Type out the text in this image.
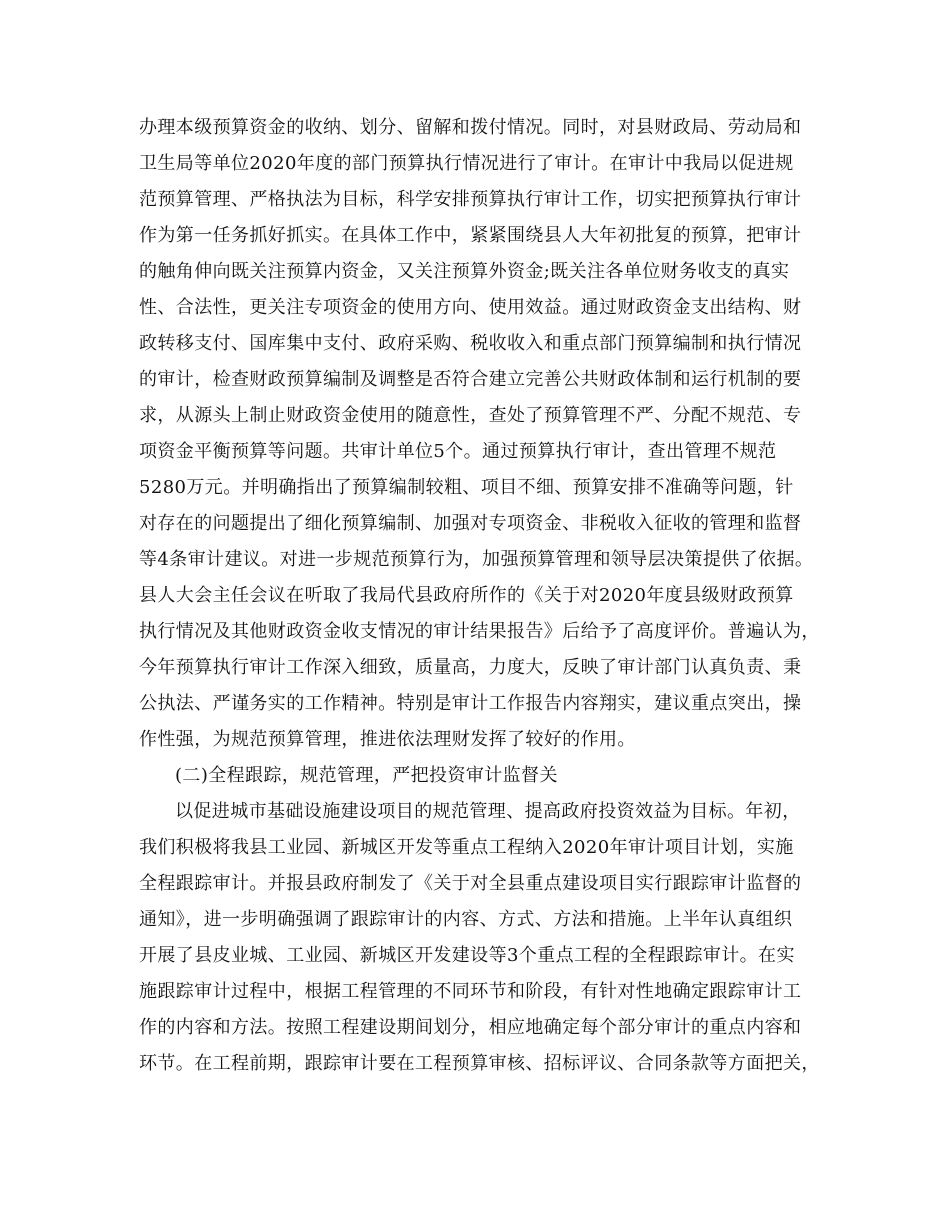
办理本级预算资金的收纳、划分、留解和拨付情况。同时，对县财政局、劳动局和
卫生局等单位2020年度的部门预算执行情况进行了审计。在审计中我局以促进规
范预算管理、严格执法为目标，科学安排预算执行审计工作，切实把预算执行审计
作为第一任务抓好抓实。在具体工作中，紧紧围绕县人大年初批复的预算，把审计
的触角伸向既关注预算内资金，又关注预算外资金;既关注各单位财务收支的真实
性、合法性，更关注专项资金的使用方向、使用效益。通过财政资金支出结构、财
政转移支付、国库集中支付、政府采购、税收收入和重点部门预算编制和执行情况
的审计，检查财政预算编制及调整是否符合建立完善公共财政体制和运行机制的要
求，从源头上制止财政资金使用的随意性，查处了预算管理不严、分配不规范、专
项资金平衡预算等问题。共审计单位5个。通过预算执行审计，查出管理不规范
5280万元。并明确指出了预算编制较粗、项目不细、预算安排不准确等问题，针
对存在的问题提出了细化预算编制、加强对专项资金、非税收入征收的管理和监督
等4条审计建议。对进一步规范预算行为，加强预算管理和领导层决策提供了依据。
县人大会主任会议在听取了我局代县政府所作的《关于对2020年度县级财政预算
执行情况及其他财政资金收支情况的审计结果报告》后给予了高度评价。普遍认为，
今年预算执行审计工作深入细致，质量高，力度大，反映了审计部门认真负责、秉
公执法、严谨务实的工作精神。特别是审计工作报告内容翔实，建议重点突出，操
作性强，为规范预算管理，推进依法理财发挥了较好的作用。
(二)全程跟踪，规范管理，严把投资审计监督关
以促进城市基础设施建设项目的规范管理、提高政府投资效益为目标。年初，
我们积极将我县工业园、新城区开发等重点工程纳入2020年审计项目计划，实施
全程跟踪审计。并报县政府制发了《关于对全县重点建设项目实行跟踪审计监督的
通知》，进一步明确强调了跟踪审计的内容、方式、方法和措施。上半年认真组织
开展了县皮业城、工业园、新城区开发建设等3个重点工程的全程跟踪审计。在实
施跟踪审计过程中，根据工程管理的不同环节和阶段，有针对性地确定跟踪审计工
作的内容和方法。按照工程建设期间划分，相应地确定每个部分审计的重点内容和
环节。在工程前期，跟踪审计要在工程预算审核、招标评议、合同条款等方面把关，
